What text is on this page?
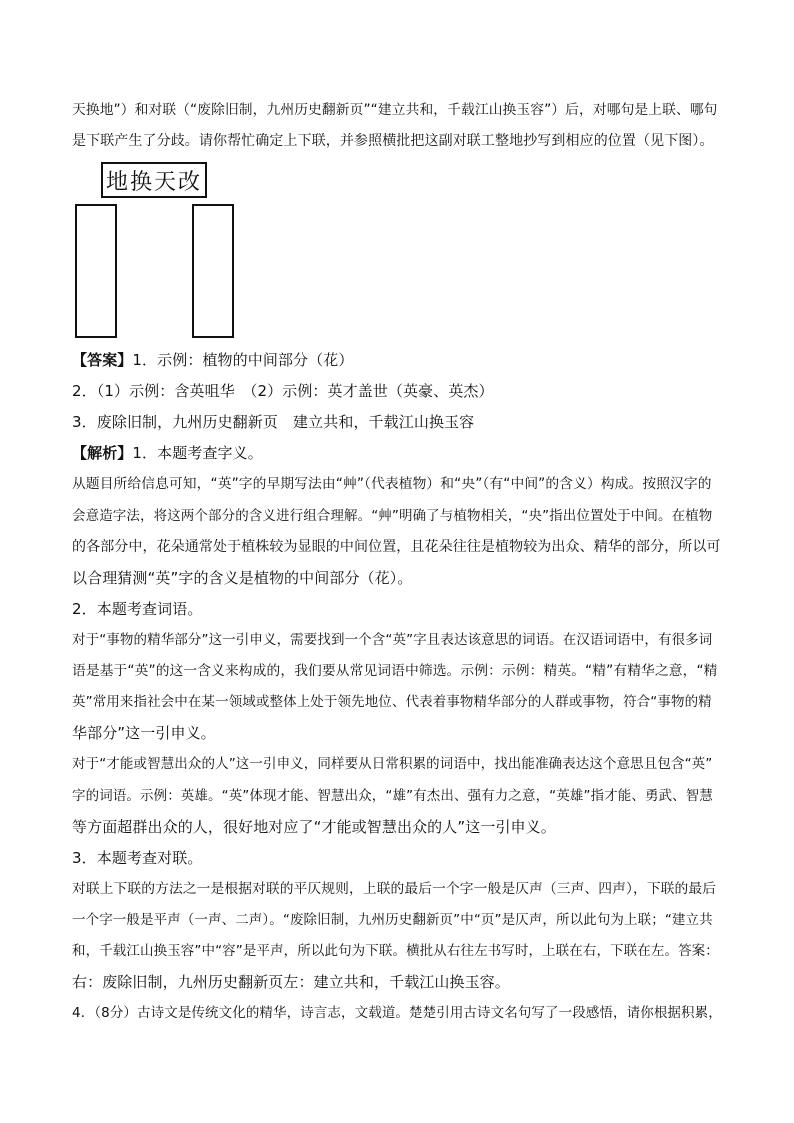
天换地”）和对联（“废除旧制，九州历史翻新页”“建立共和，千载江山换玉容”）后，对哪句是上联、哪句
是下联产生了分歧。请你帮忙确定上下联，并参照横批把这副对联工整地抄写到相应的位置（见下图）。
地换天改
【答案】1．示例：植物的中间部分（花）
2．（1）示例：含英咀华　（2）示例：英才盖世（英豪、英杰）
3．废除旧制，九州历史翻新页　建立共和，千载江山换玉容
【解析】1．本题考查字义。
从题目所给信息可知，“英”字的早期写法由“艸”（代表植物）和“央”（有“中间”的含义）构成。按照汉字的
会意造字法，将这两个部分的含义进行组合理解。“艸”明确了与植物相关，“央”指出位置处于中间。在植物
的各部分中，花朵通常处于植株较为显眼的中间位置，且花朵往往是植物较为出众、精华的部分，所以可
以合理猜测“英”字的含义是植物的中间部分（花）。
2．本题考查词语。
对于“事物的精华部分”这一引申义，需要找到一个含“英”字且表达该意思的词语。在汉语词语中，有很多词
语是基于“英”的这一含义来构成的，我们要从常见词语中筛选。示例：示例：精英。“精”有精华之意，“精
英”常用来指社会中在某一领域或整体上处于领先地位、代表着事物精华部分的人群或事物，符合“事物的精
华部分”这一引申义。
对于“才能或智慧出众的人”这一引申义，同样要从日常积累的词语中，找出能准确表达这个意思且包含“英”
字的词语。示例：英雄。“英”体现才能、智慧出众，“雄”有杰出、强有力之意，“英雄”指才能、勇武、智慧
等方面超群出众的人，很好地对应了“才能或智慧出众的人”这一引申义。
3．本题考查对联。
对联上下联的方法之一是根据对联的平仄规则，上联的最后一个字一般是仄声（三声、四声），下联的最后
一个字一般是平声（一声、二声）。“废除旧制，九州历史翻新页”中“页”是仄声，所以此句为上联；“建立共
和，千载江山换玉容”中“容”是平声，所以此句为下联。横批从右往左书写时，上联在右，下联在左。答案：
右：废除旧制，九州历史翻新页左：建立共和，千载江山换玉容。
4．（8分）古诗文是传统文化的精华，诗言志，文载道。楚楚引用古诗文名句写了一段感悟，请你根据积累，
